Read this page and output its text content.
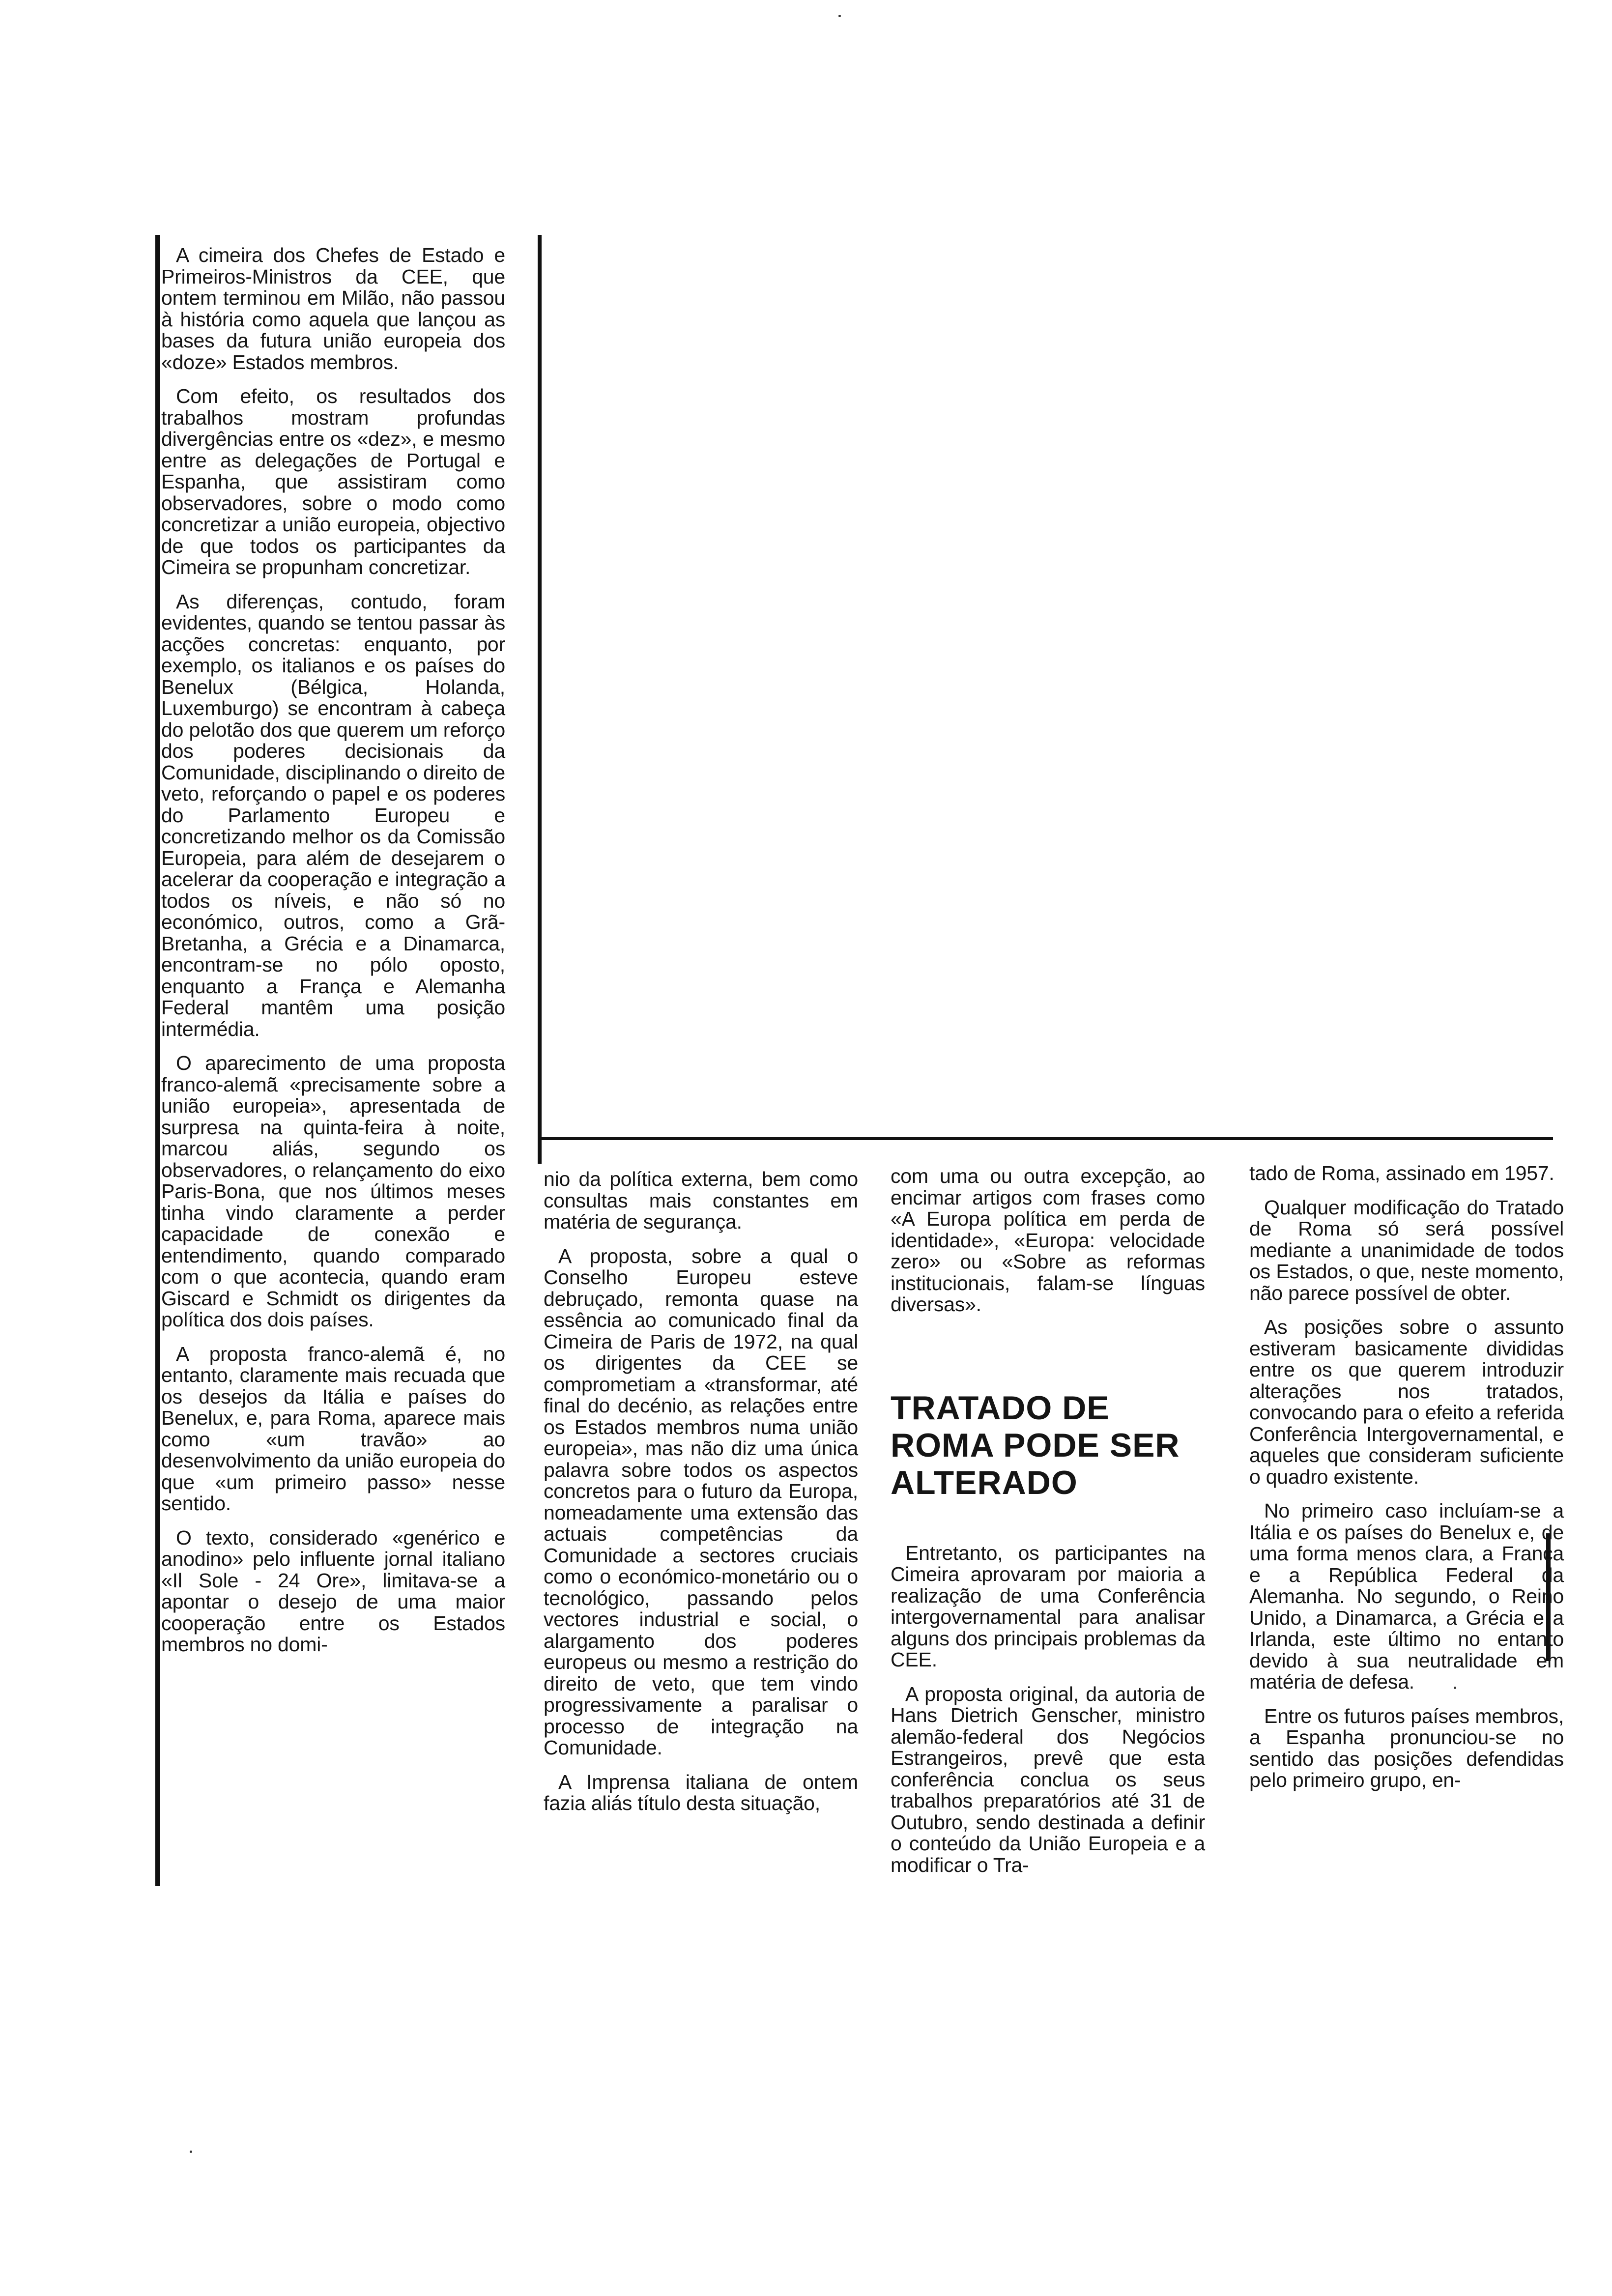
A cimeira dos Chefes de Estado e Primeiros-Ministros da CEE, que ontem terminou em Milão, não passou à história como aquela que lançou as bases da futura união europeia dos «doze» Estados membros.

Com efeito, os resultados dos trabalhos mostram profundas divergências entre os «dez», e mesmo entre as delegações de Portugal e Espanha, que assistiram como observadores, sobre o modo como concretizar a união europeia, objectivo de que todos os participantes da Cimeira se propunham concretizar.

As diferenças, contudo, foram evidentes, quando se tentou passar às acções concretas: enquanto, por exemplo, os italianos e os países do Benelux (Bélgica, Holanda, Luxemburgo) se encontram à cabeça do pelotão dos que querem um reforço dos poderes decisionais da Comunidade, disciplinando o direito de veto, reforçando o papel e os poderes do Parlamento Europeu e concretizando melhor os da Comissão Europeia, para além de desejarem o acelerar da cooperação e integração a todos os níveis, e não só no económico, outros, como a Grã-Bretanha, a Grécia e a Dinamarca, encontram-se no pólo oposto, enquanto a França e Alemanha Federal mantêm uma posição intermédia.

O aparecimento de uma proposta franco-alemã «precisamente sobre a união europeia», apresentada de surpresa na quinta-feira à noite, marcou aliás, segundo os observadores, o relançamento do eixo Paris-Bona, que nos últimos meses tinha vindo claramente a perder capacidade de conexão e entendimento, quando comparado com o que acontecia, quando eram Giscard e Schmidt os dirigentes da política dos dois países.

A proposta franco-alemã é, no entanto, claramente mais recuada que os desejos da Itália e países do Benelux, e, para Roma, aparece mais como «um travão» ao desenvolvimento da união europeia do que «um primeiro passo» nesse sentido.

O texto, considerado «genérico e anodino» pelo influente jornal italiano «Il Sole - 24 Ore», limitava-se a apontar o desejo de uma maior cooperação entre os Estados membros no domi-

nio da política externa, bem como consultas mais constantes em matéria de segurança.

A proposta, sobre a qual o Conselho Europeu esteve debruçado, remonta quase na essência ao comunicado final da Cimeira de Paris de 1972, na qual os dirigentes da CEE se comprometiam a «transformar, até final do decénio, as relações entre os Estados membros numa união europeia», mas não diz uma única palavra sobre todos os aspectos concretos para o futuro da Europa, nomeadamente uma extensão das actuais competências da Comunidade a sectores cruciais como o económico-monetário ou o tecnológico, passando pelos vectores industrial e social, o alargamento dos poderes europeus ou mesmo a restrição do direito de veto, que tem vindo progressivamente a paralisar o processo de integração na Comunidade.

A Imprensa italiana de ontem fazia aliás título desta situação,

com uma ou outra excepção, ao encimar artigos com frases como «A Europa política em perda de identidade», «Europa: velocidade zero» ou «Sobre as reformas institucionais, falam-se línguas diversas».

TRATADO DE ROMA PODE SER ALTERADO

Entretanto, os participantes na Cimeira aprovaram por maioria a realização de uma Conferência intergovernamental para analisar alguns dos principais problemas da CEE.

A proposta original, da autoria de Hans Dietrich Genscher, ministro alemão-federal dos Negócios Estrangeiros, prevê que esta conferência conclua os seus trabalhos preparatórios até 31 de Outubro, sendo destinada a definir o conteúdo da União Europeia e a modificar o Tra-

tado de Roma, assinado em 1957.

Qualquer modificação do Tratado de Roma só será possível mediante a unanimidade de todos os Estados, o que, neste momento, não parece possível de obter.

As posições sobre o assunto estiveram basicamente divididas entre os que querem introduzir alterações nos tratados, convocando para o efeito a referida Conferência Intergovernamental, e aqueles que consideram suficiente o quadro existente.

No primeiro caso incluíam-se a Itália e os países do Benelux e, de uma forma menos clara, a França e a República Federal da Alemanha. No segundo, o Reino Unido, a Dinamarca, a Grécia e a Irlanda, este último no entanto devido à sua neutralidade em matéria de defesa.

Entre os futuros países membros, a Espanha pronunciou-se no sentido das posições defendidas pelo primeiro grupo, en-
